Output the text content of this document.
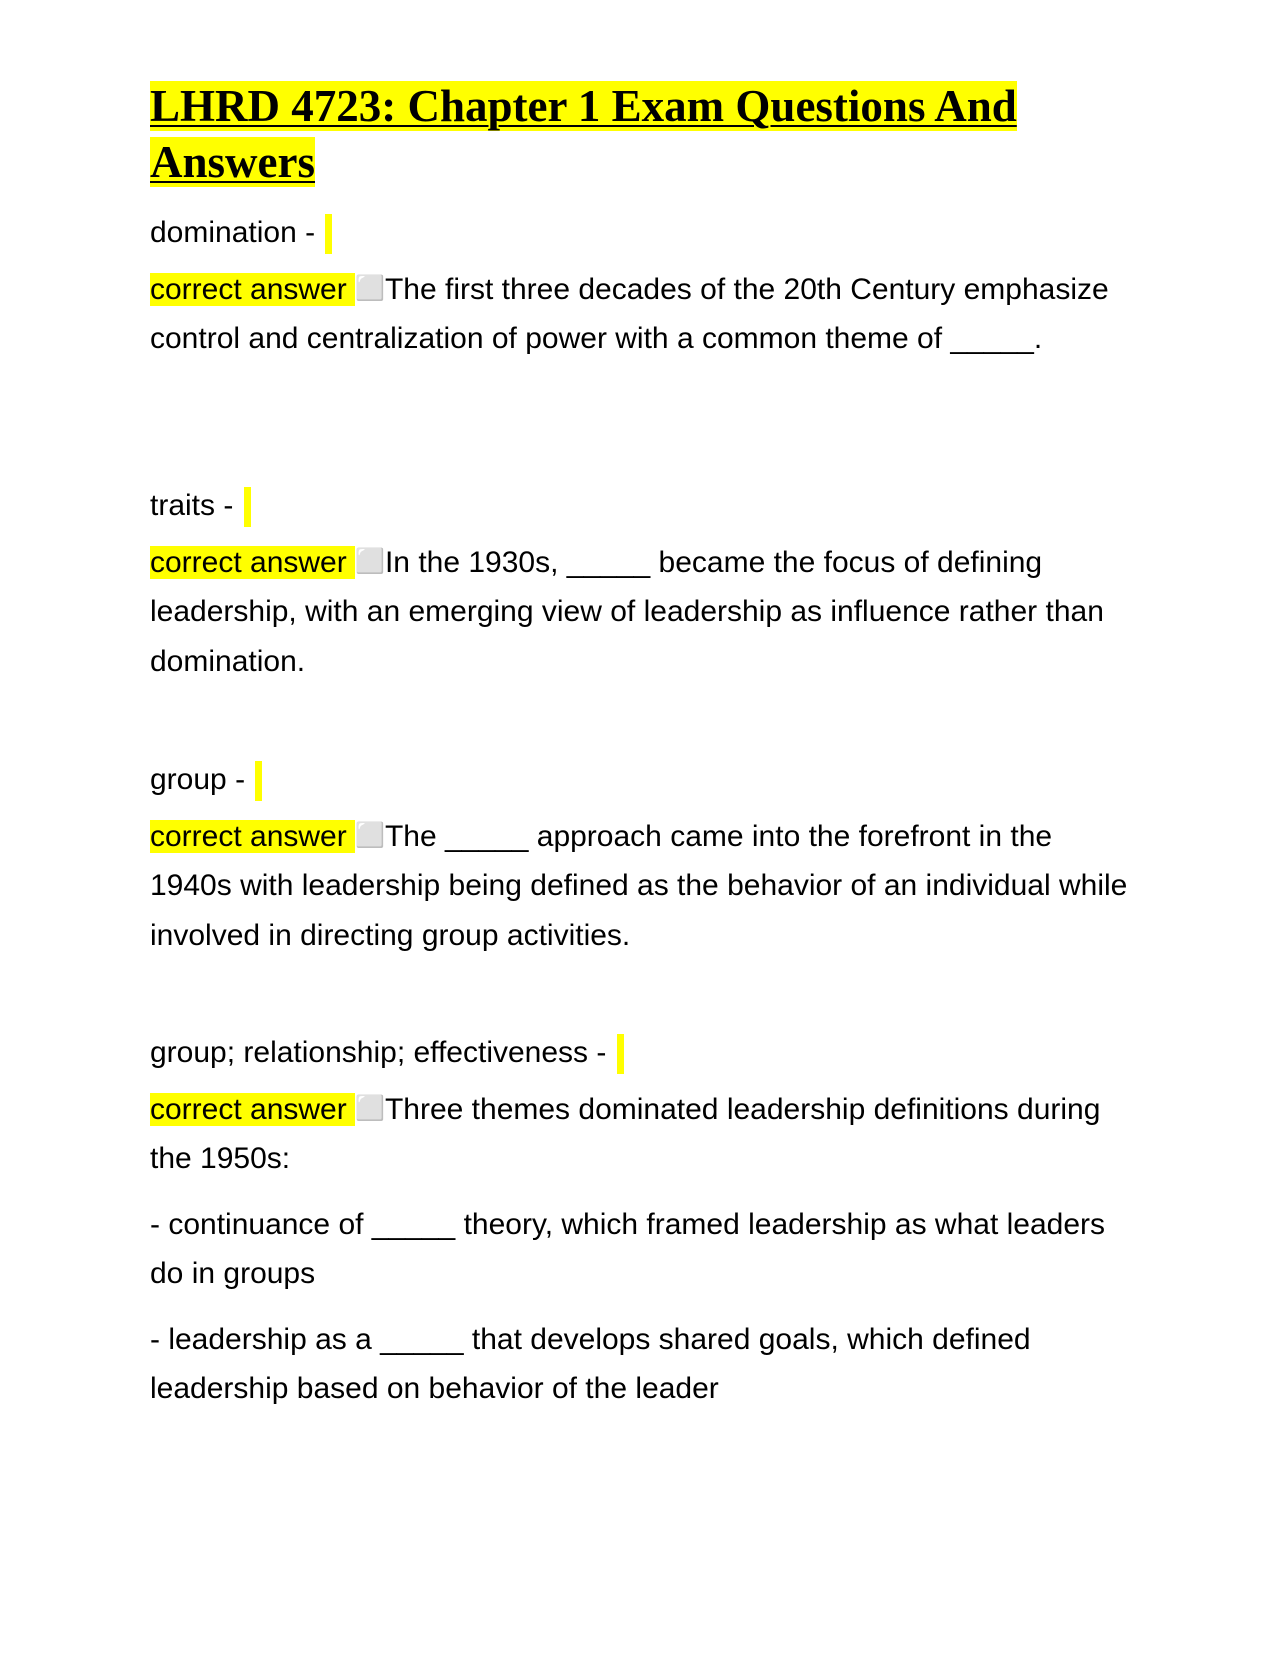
LHRD 4723: Chapter 1 Exam Questions And Answers
domination -
correct answer ⬜The first three decades of the 20th Century emphasize control and centralization of power with a common theme of _____.
traits -
correct answer ⬜In the 1930s, _____ became the focus of defining leadership, with an emerging view of leadership as influence rather than domination.
group -
correct answer ⬜The _____ approach came into the forefront in the 1940s with leadership being defined as the behavior of an individual while involved in directing group activities.
group; relationship; effectiveness -
correct answer ⬜Three themes dominated leadership definitions during the 1950s:
- continuance of _____ theory, which framed leadership as what leaders do in groups
- leadership as a _____ that develops shared goals, which defined leadership based on behavior of the leader
